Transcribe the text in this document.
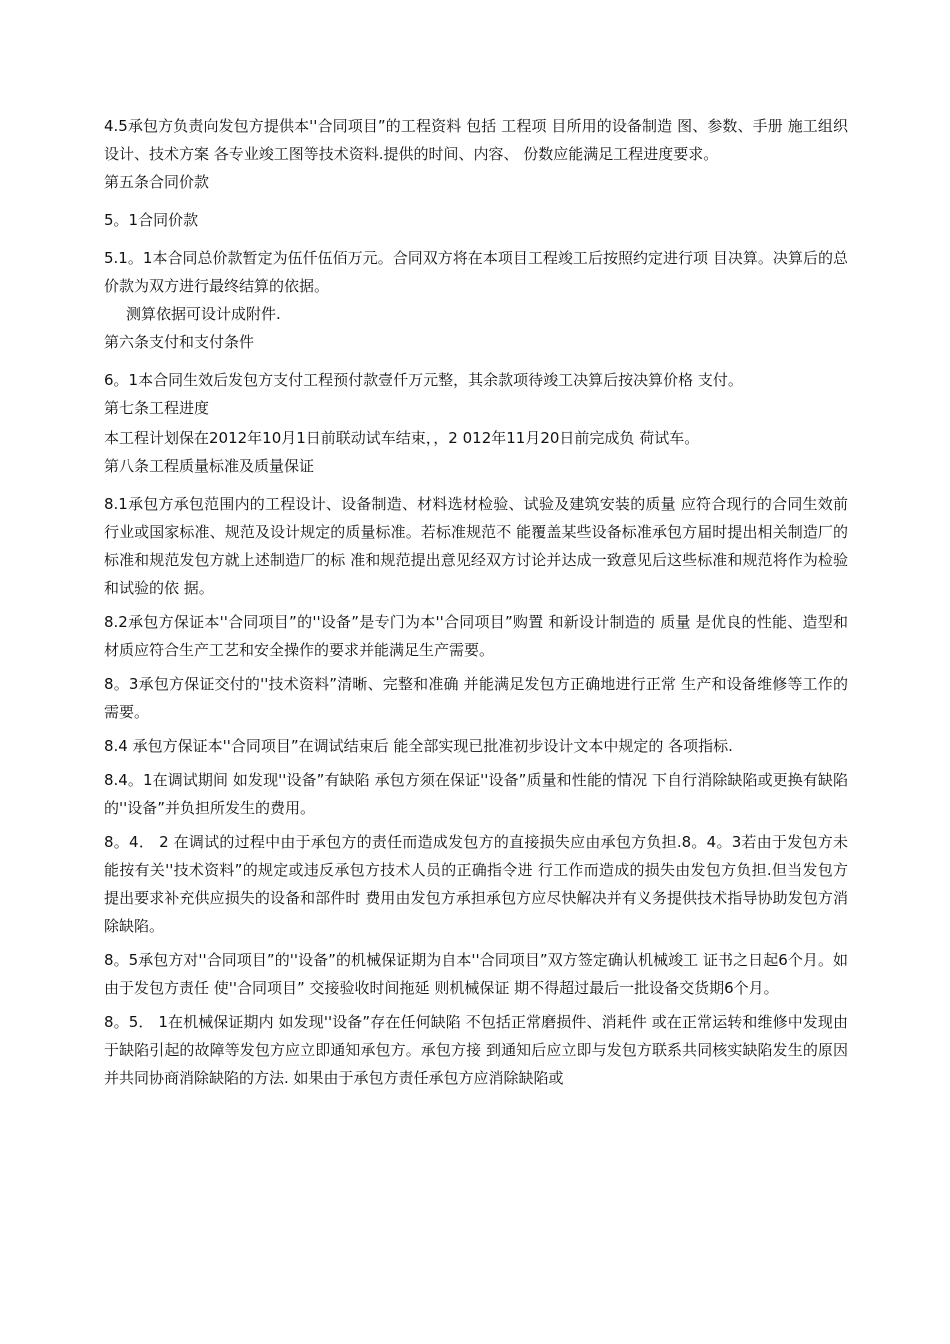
4.5承包方负责向发包方提供本''合同项目”的工程资料 包括 工程项 目所用的设备制造 图、参数、手册 施工组织设计、技术方案 各专业竣工图等技术资料.提供的时间、内容、 份数应能满足工程进度要求。

第五条合同价款

5。1合同价款

5.1。1本合同总价款暂定为伍仟伍佰万元。合同双方将在本项目工程竣工后按照约定进行项 目决算。决算后的总价款为双方进行最终结算的依据。

测算依据可设计成附件.

第六条支付和支付条件

6。1本合同生效后发包方支付工程预付款壹仟万元整，其余款项待竣工决算后按决算价格 支付。

第七条工程进度

本工程计划保在2012年10月1日前联动试车结束，，2 012年11月20日前完成负 荷试车。

第八条工程质量标准及质量保证

8.1承包方承包范围内的工程设计、设备制造、材料选材检验、试验及建筑安装的质量 应符合现行的合同生效前行业或国家标准、规范及设计规定的质量标准。若标准规范不 能覆盖某些设备标准承包方届时提出相关制造厂的标准和规范发包方就上述制造厂的标 准和规范提出意见经双方讨论并达成一致意见后这些标准和规范将作为检验和试验的依 据。

8.2承包方保证本''合同项目”的''设备”是专门为本''合同项目”购置 和新设计制造的 质量 是优良的性能、造型和材质应符合生产工艺和安全操作的要求并能满足生产需要。

8。3承包方保证交付的''技术资料”清晰、完整和准确 并能满足发包方正确地进行正常 生产和设备维修等工作的需要。

8.4 承包方保证本''合同项目”在调试结束后 能全部实现已批准初步设计文本中规定的 各项指标.

8.4。1在调试期间 如发现''设备”有缺陷 承包方须在保证''设备”质量和性能的情况 下自行消除缺陷或更换有缺陷的''设备”并负担所发生的费用。

8。4． 2 在调试的过程中由于承包方的责任而造成发包方的直接损失应由承包方负担.8。4。3若由于发包方未能按有关''技术资料”的规定或违反承包方技术人员的正确指令进 行工作而造成的损失由发包方负担.但当发包方提出要求补充供应损失的设备和部件时 费用由发包方承担承包方应尽快解决并有义务提供技术指导协助发包方消除缺陷。

8。5承包方对''合同项目”的''设备”的机械保证期为自本''合同项目”双方签定确认机械竣工 证书之日起6个月。如由于发包方责任 使''合同项目” 交接验收时间拖延 则机械保证 期不得超过最后一批设备交货期6个月。

8。5． 1在机械保证期内 如发现''设备”存在任何缺陷 不包括正常磨损件、消耗件 或在正常运转和维修中发现由于缺陷引起的故障等发包方应立即通知承包方。承包方接 到通知后应立即与发包方联系共同核实缺陷发生的原因并共同协商消除缺陷的方法. 如果由于承包方责任承包方应消除缺陷或
